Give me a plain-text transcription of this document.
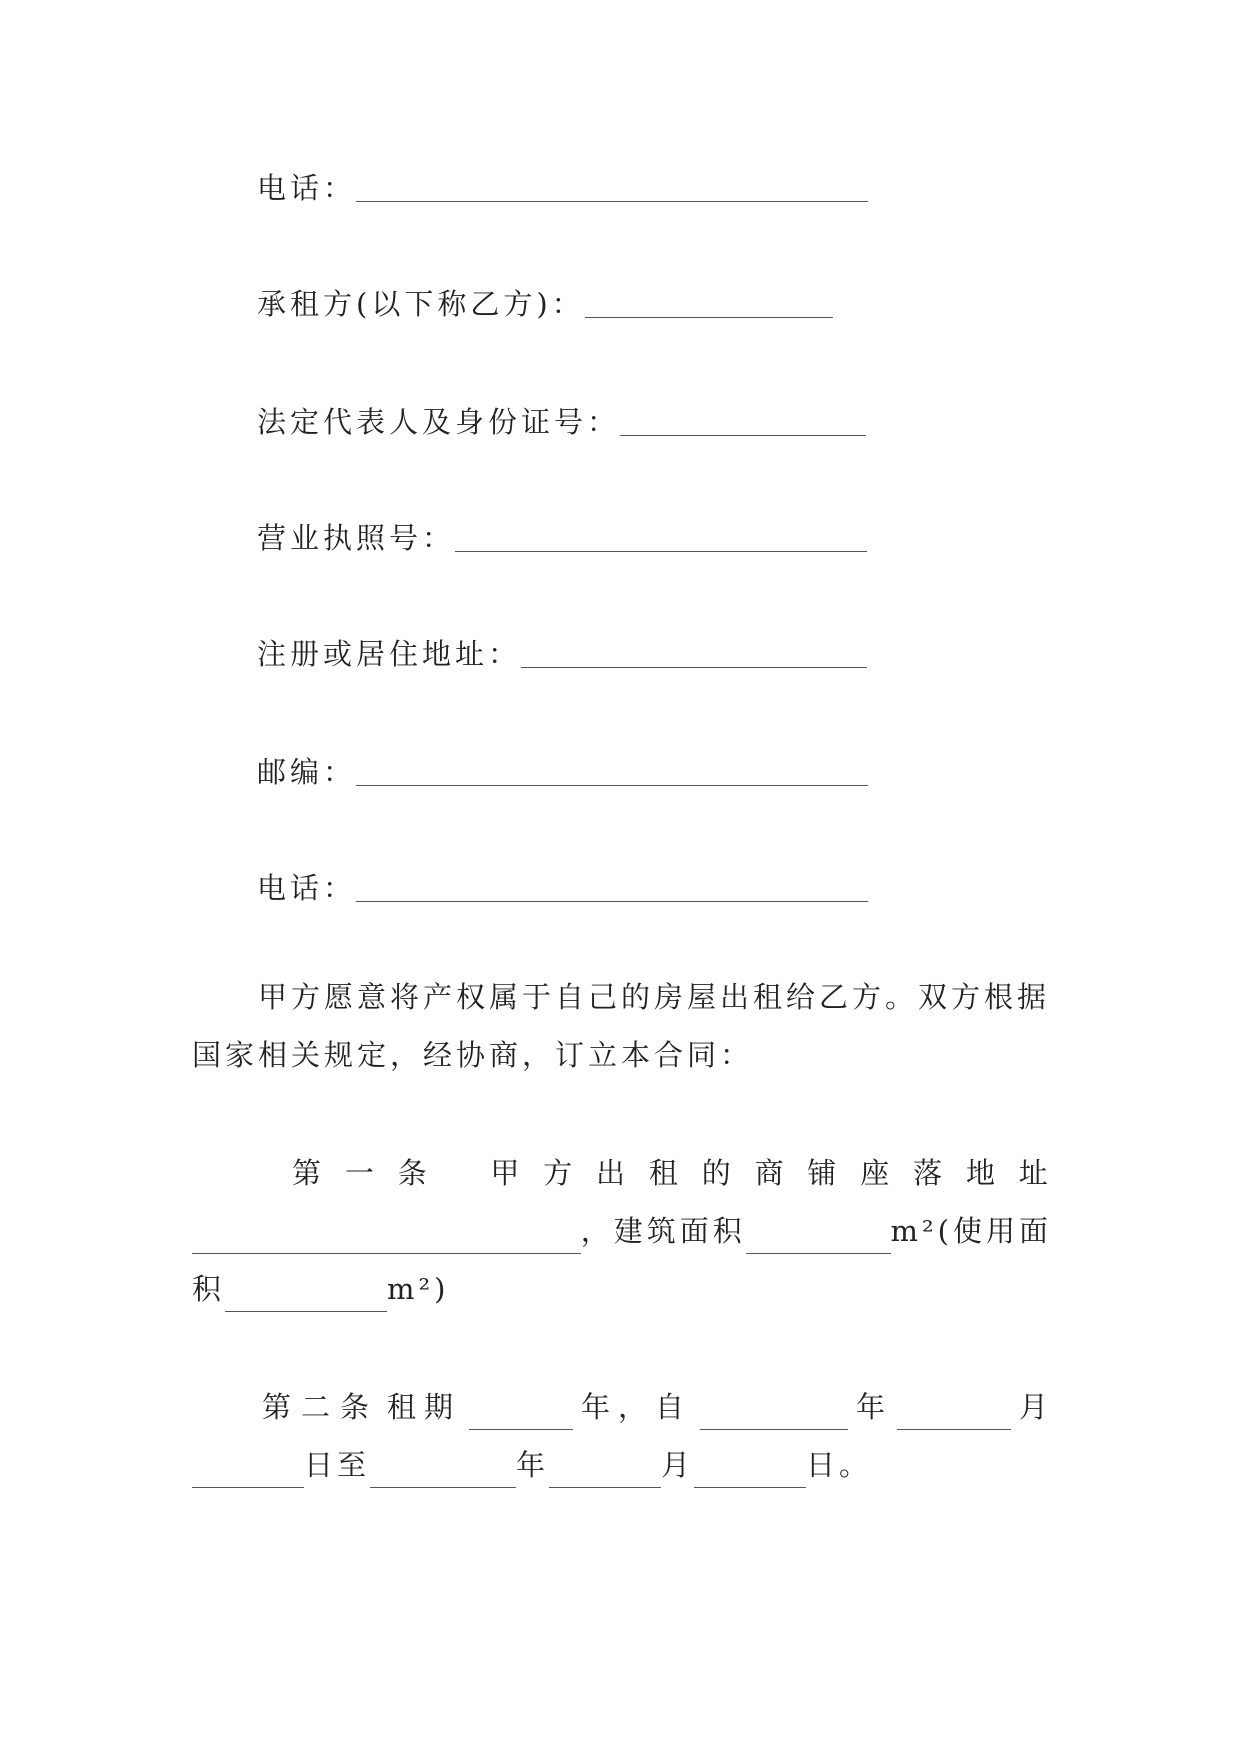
电话：
承租方(以下称乙方)：
法定代表人及身份证号：
营业执照号：
注册或居住地址：
邮编：
电话：
甲方愿意将产权属于自己的房屋出租给乙方。双方根据
国家相关规定，经协商，订立本合同：
第 一 条 甲 方 出 租 的 商 铺 座 落 地 址
， 建筑面积	m²(使用面
积	m²)
第二条 租期	年，自	年	月
日至	年	月	日。
